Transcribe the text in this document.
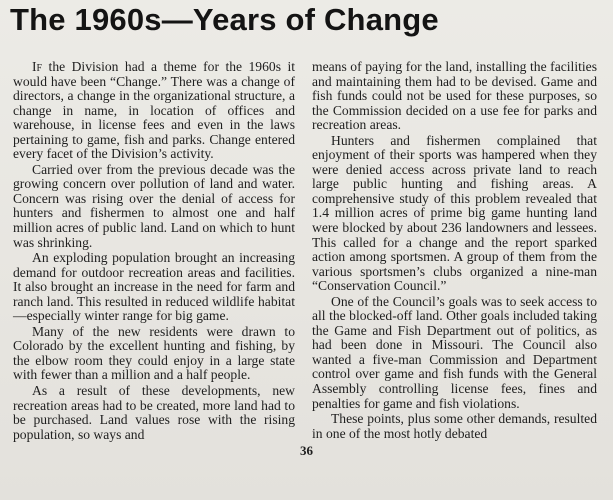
The 1960s—Years of Change

If the Division had a theme for the 1960s it would have been “Change.” There was a change of directors, a change in the organizational structure, a change in name, in location of offices and warehouse, in license fees and even in the laws pertaining to game, fish and parks. Change entered every facet of the Division’s activity.

Carried over from the previous decade was the growing concern over pollution of land and water. Concern was rising over the denial of access for hunters and fishermen to almost one and half million acres of public land. Land on which to hunt was shrinking.

An exploding population brought an increasing demand for outdoor recreation areas and facilities. It also brought an increase in the need for farm and ranch land. This resulted in reduced wildlife habitat—especially winter range for big game.

Many of the new residents were drawn to Colorado by the excellent hunting and fishing, by the elbow room they could enjoy in a large state with fewer than a million and a half people.

As a result of these developments, new recreation areas had to be created, more land had to be purchased. Land values rose with the rising population, so ways and

means of paying for the land, installing the facilities and maintaining them had to be devised. Game and fish funds could not be used for these purposes, so the Commission decided on a use fee for parks and recreation areas.

Hunters and fishermen complained that enjoyment of their sports was hampered when they were denied access across private land to reach large public hunting and fishing areas. A comprehensive study of this problem revealed that 1.4 million acres of prime big game hunting land were blocked by about 236 landowners and lessees. This called for a change and the report sparked action among sportsmen. A group of them from the various sportsmen’s clubs organized a nine-man “Conservation Council.”

One of the Council’s goals was to seek access to all the blocked-off land. Other goals included taking the Game and Fish Department out of politics, as had been done in Missouri. The Council also wanted a five-man Commission and Department control over game and fish funds with the General Assembly controlling license fees, fines and penalties for game and fish violations.

These points, plus some other demands, resulted in one of the most hotly debated

36
